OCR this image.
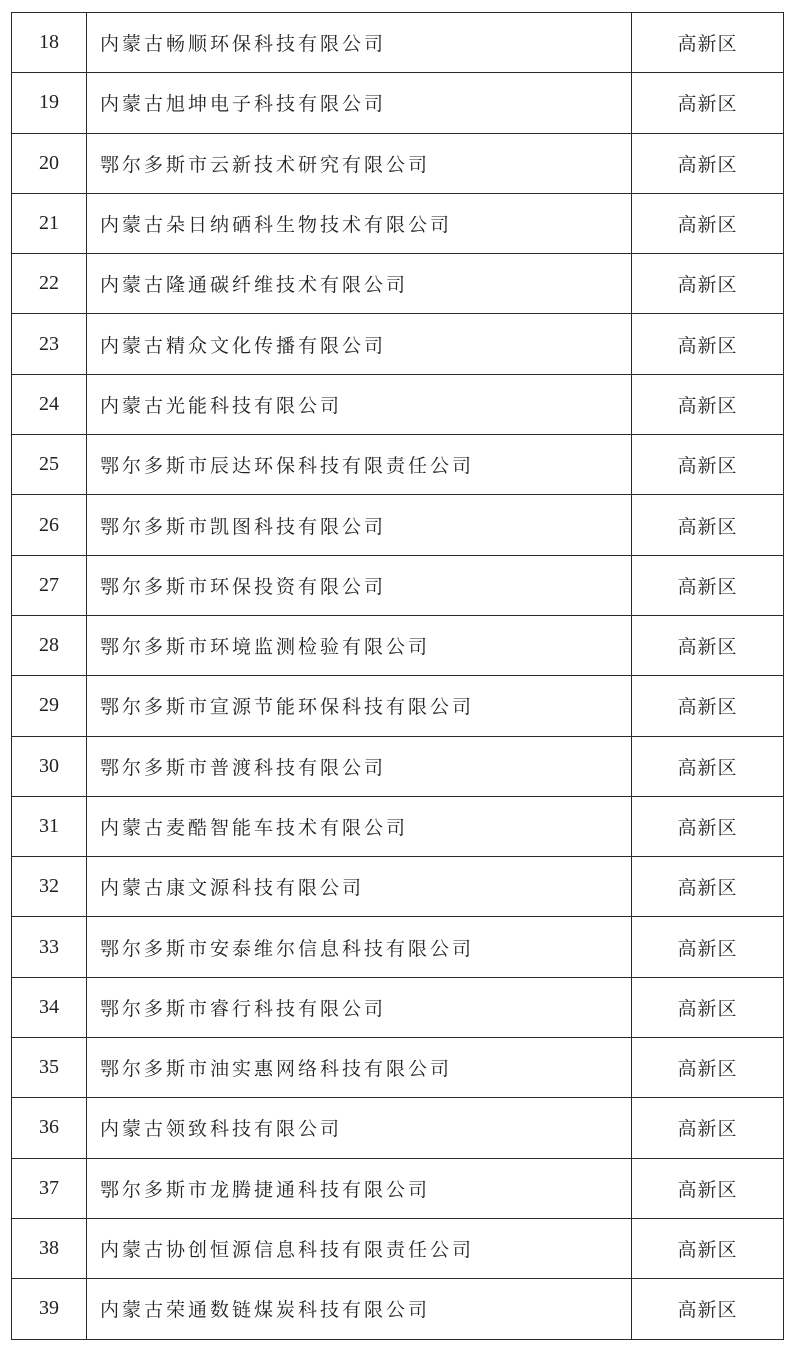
18	内蒙古畅顺环保科技有限公司	高新区
19	内蒙古旭坤电子科技有限公司	高新区
20	鄂尔多斯市云新技术研究有限公司	高新区
21	内蒙古朵日纳硒科生物技术有限公司	高新区
22	内蒙古隆通碳纤维技术有限公司	高新区
23	内蒙古精众文化传播有限公司	高新区
24	内蒙古光能科技有限公司	高新区
25	鄂尔多斯市辰达环保科技有限责任公司	高新区
26	鄂尔多斯市凯图科技有限公司	高新区
27	鄂尔多斯市环保投资有限公司	高新区
28	鄂尔多斯市环境监测检验有限公司	高新区
29	鄂尔多斯市宣源节能环保科技有限公司	高新区
30	鄂尔多斯市普渡科技有限公司	高新区
31	内蒙古麦酷智能车技术有限公司	高新区
32	内蒙古康文源科技有限公司	高新区
33	鄂尔多斯市安泰维尔信息科技有限公司	高新区
34	鄂尔多斯市睿行科技有限公司	高新区
35	鄂尔多斯市油实惠网络科技有限公司	高新区
36	内蒙古领致科技有限公司	高新区
37	鄂尔多斯市龙腾捷通科技有限公司	高新区
38	内蒙古协创恒源信息科技有限责任公司	高新区
39	内蒙古荣通数链煤炭科技有限公司	高新区
